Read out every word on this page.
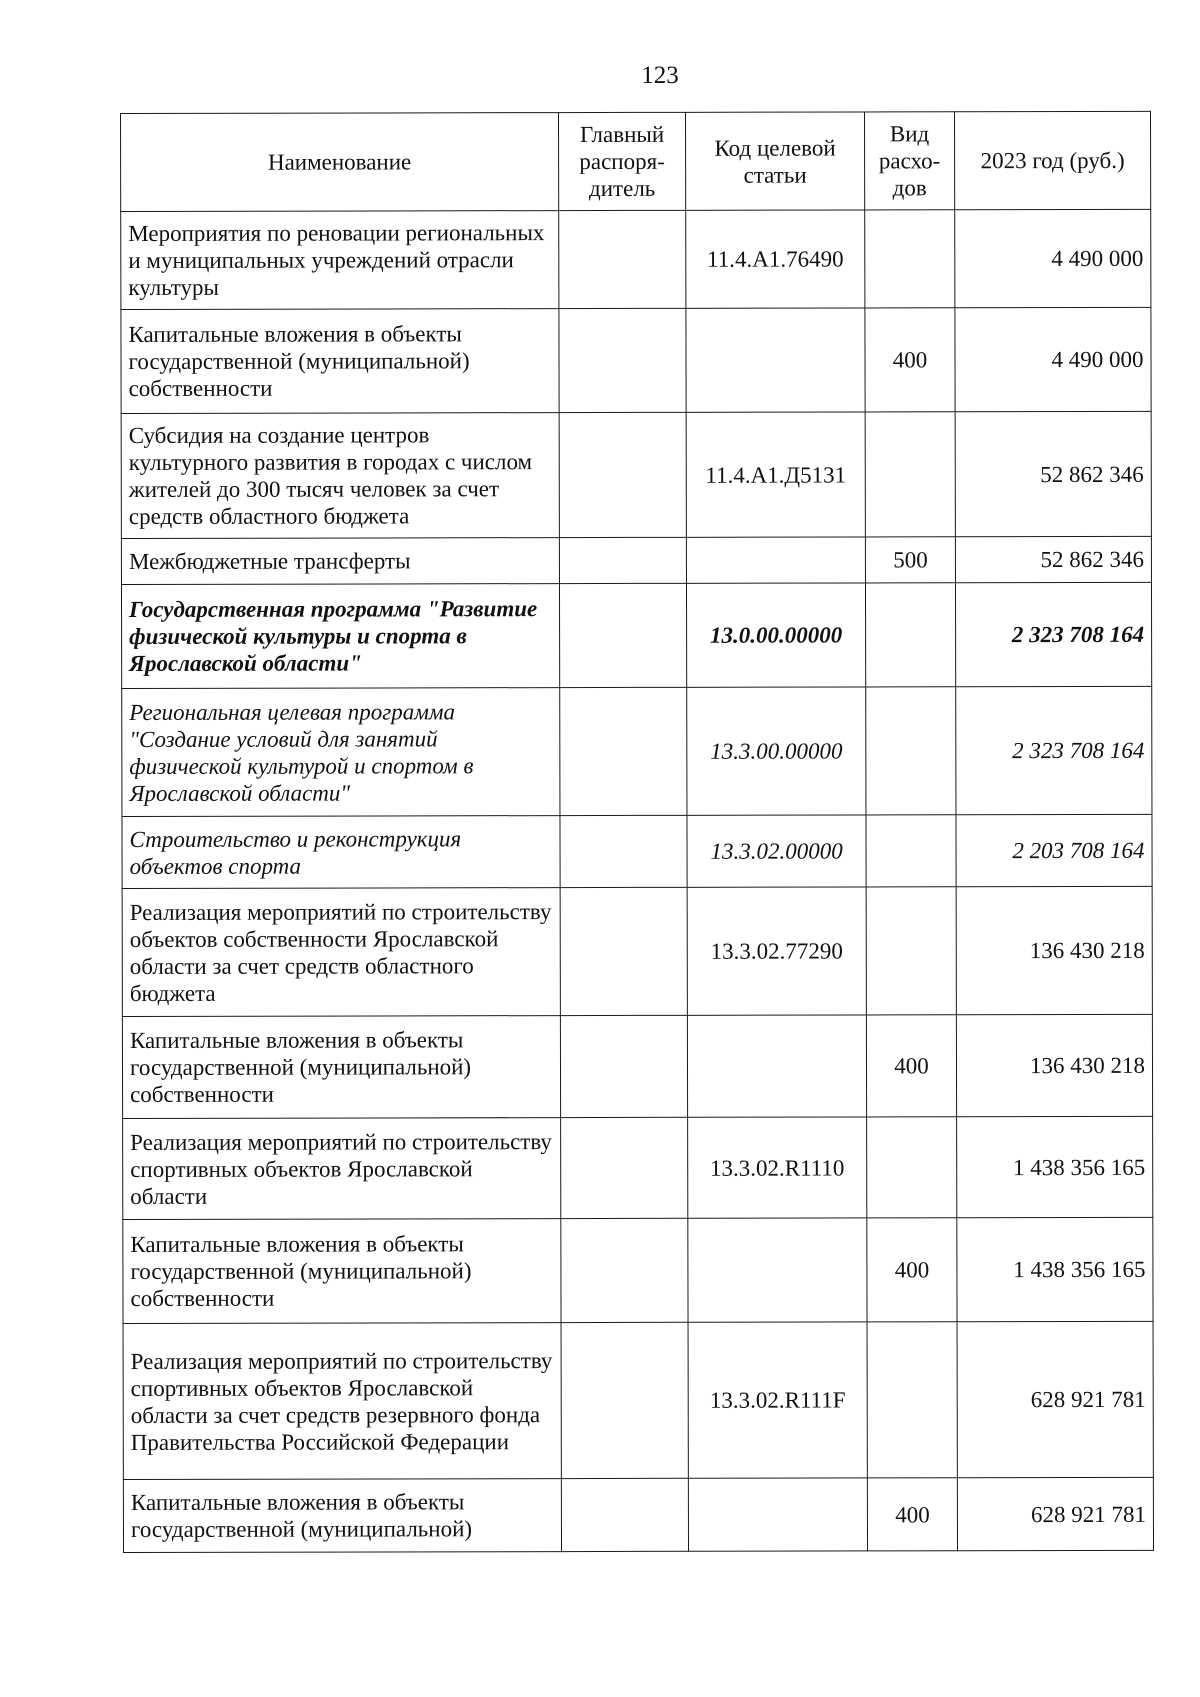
123
Наименование	Главный распоря-дитель	Код целевой статьи	Вид расхо-дов	2023 год (руб.)
Мероприятия по реновации региональных и муниципальных учреждений отрасли культуры		11.4.А1.76490		4 490 000
Капитальные вложения в объекты государственной (муниципальной) собственности			400	4 490 000
Субсидия на создание центров культурного развития в городах с числом жителей до 300 тысяч человек за счет средств областного бюджета		11.4.А1.Д5131		52 862 346
Межбюджетные трансферты			500	52 862 346
Государственная программа "Развитие физической культуры и спорта в Ярославской области"		13.0.00.00000		2 323 708 164
Региональная целевая программа "Создание условий для занятий физической культурой и спортом в Ярославской области"		13.3.00.00000		2 323 708 164
Строительство и реконструкция объектов спорта		13.3.02.00000		2 203 708 164
Реализация мероприятий по строительству объектов собственности Ярославской области за счет средств областного бюджета		13.3.02.77290		136 430 218
Капитальные вложения в объекты государственной (муниципальной) собственности			400	136 430 218
Реализация мероприятий по строительству спортивных объектов Ярославской области		13.3.02.R1110		1 438 356 165
Капитальные вложения в объекты государственной (муниципальной) собственности			400	1 438 356 165
Реализация мероприятий по строительству спортивных объектов Ярославской области за счет средств резервного фонда Правительства Российской Федерации		13.3.02.R111F		628 921 781
Капитальные вложения в объекты государственной (муниципальной)			400	628 921 781
